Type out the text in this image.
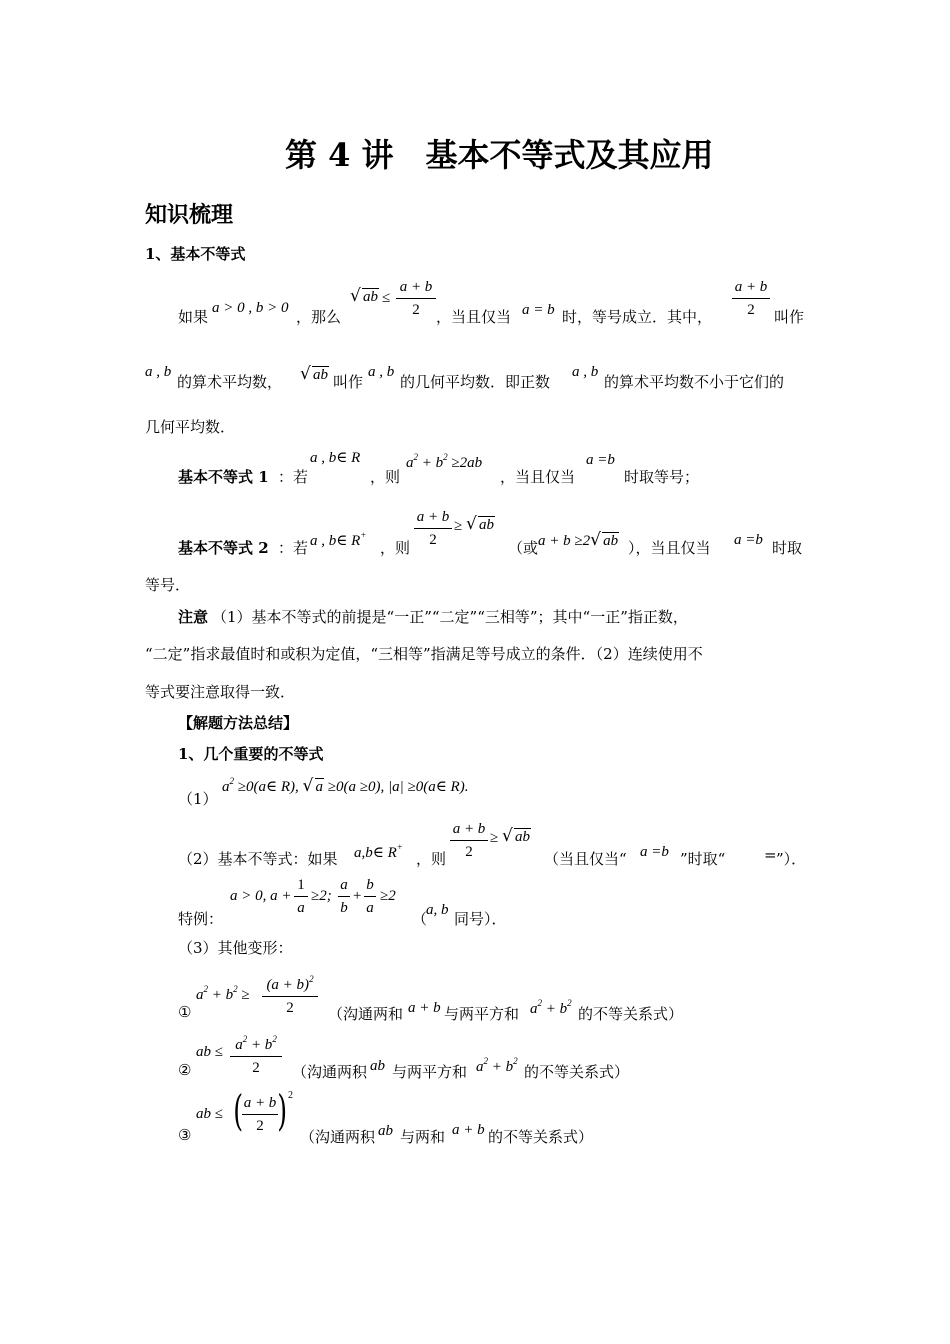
第 4 讲　基本不等式及其应用
知识梳理
1、基本不等式
如果 a > 0 , b > 0 ，那么
√ ab ≤
a + b
2	，当且仅当 a = b 时，等号成立．其中，
a + b
2	叫作
a , b
的算术平均数， √ ab 叫作
a , b
的几何平均数．即正数
a , b
的算术平均数不小于它们的
几何平均数．
基本不等式 1 ：若
a , b∈ R
，则
$a^2 + b^2 \ge 2ab$
，当且仅当
a =b
时取等号；
基本不等式 2 ：若 a , b∈ R+
，则
a + b
2
≥ √ ab
（或 a + b ≥2 √ ab ），当且仅当 a =b 时取
等号．
注意 （1）基本不等式的前提是“一正”“二定”“三相等”；其中“一正”指正数，
“二定”指求最值时和或积为定值，“三相等”指满足等号成立的条件．（2）连续使用不
等式要注意取得一致．
【解题方法总结】
1、几个重要的不等式
（1）
$a^2$ ≥0(a∈ R), √ a ≥0(a ≥0), |a| ≥0(a∈ R).
（2）基本不等式：如果 a,b∈ R+
，则
a + b
2
≥ √ ab
（当且仅当“ a =b ”时取“	= ”）．
特例：
a > 0, a +
1
a
≥2;
a
b
+
b
a
≥2
（
a, b 同号）．
（3）其他变形：
①
$a^2 + b^2$ ≥
$(a + b)^2$
2	（沟通两和 a + b 与两平方和 $a^2 + b^2$
的不等关系式）
②
ab ≤ $a^2 + b^2$
2	（沟通两积 ab 与两平方和 $a^2 + b^2$
的不等关系式）
③
ab ≤ ( a + b
2 ) 2
（沟通两积 ab 与两和 a + b 的不等关系式）
